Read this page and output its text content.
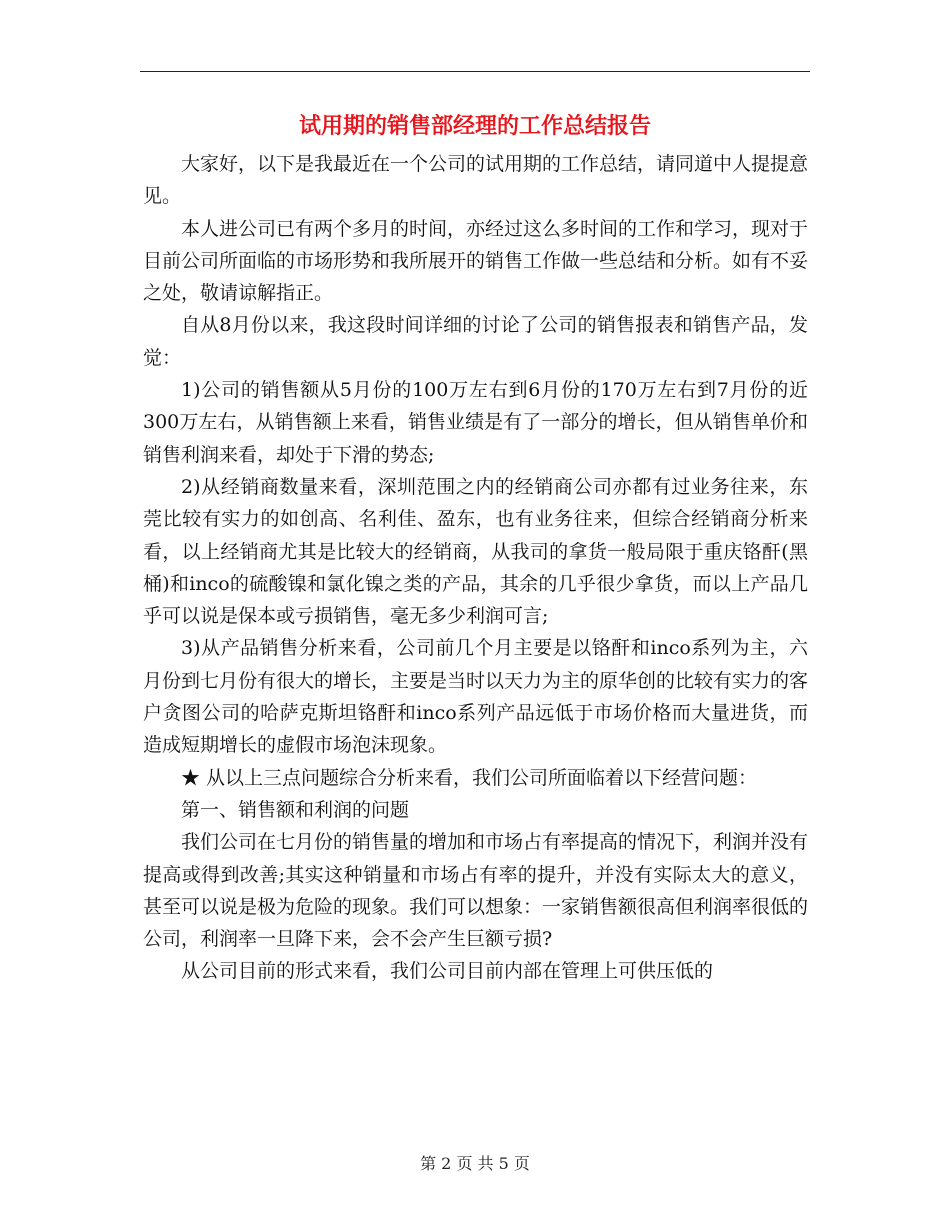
试用期的销售部经理的工作总结报告

大家好，以下是我最近在一个公司的试用期的工作总结，请同道中人提提意见。

本人进公司已有两个多月的时间，亦经过这么多时间的工作和学习，现对于目前公司所面临的市场形势和我所展开的销售工作做一些总结和分析。如有不妥之处，敬请谅解指正。

自从8月份以来，我这段时间详细的讨论了公司的销售报表和销售产品，发觉：

1)公司的销售额从5月份的100万左右到6月份的170万左右到7月份的近300万左右，从销售额上来看，销售业绩是有了一部分的增长，但从销售单价和销售利润来看，却处于下滑的势态;

2)从经销商数量来看，深圳范围之内的经销商公司亦都有过业务往来，东莞比较有实力的如创高、名利佳、盈东，也有业务往来，但综合经销商分析来看，以上经销商尤其是比较大的经销商，从我司的拿货一般局限于重庆铬酐(黑桶)和inco的硫酸镍和氯化镍之类的产品，其余的几乎很少拿货，而以上产品几乎可以说是保本或亏损销售，毫无多少利润可言;

3)从产品销售分析来看，公司前几个月主要是以铬酐和inco系列为主，六月份到七月份有很大的增长，主要是当时以天力为主的原华创的比较有实力的客户贪图公司的哈萨克斯坦铬酐和inco系列产品远低于市场价格而大量进货，而造成短期增长的虚假市场泡沫现象。

★ 从以上三点问题综合分析来看，我们公司所面临着以下经营问题：

第一、销售额和利润的问题

我们公司在七月份的销售量的增加和市场占有率提高的情况下，利润并没有提高或得到改善;其实这种销量和市场占有率的提升，并没有实际太大的意义，甚至可以说是极为危险的现象。我们可以想象：一家销售额很高但利润率很低的公司，利润率一旦降下来，会不会产生巨额亏损?

从公司目前的形式来看，我们公司目前内部在管理上可供压低的

第 2 页 共 5 页
